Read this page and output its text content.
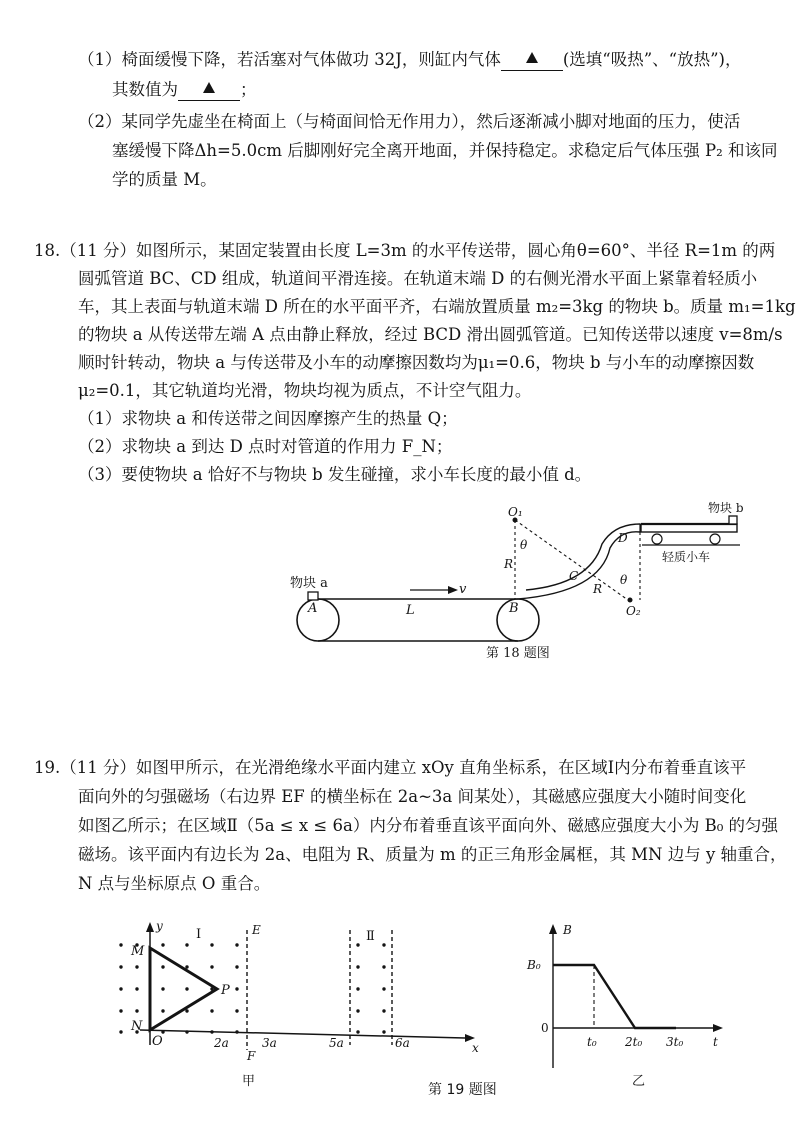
（1）椅面缓慢下降，若活塞对气体做功 32J，则缸内气体	(选填“吸热”、“放热”)，
其数值为	；
（2）某同学先虚坐在椅面上（与椅面间恰无作用力），然后逐渐减小脚对地面的压力，使活
塞缓慢下降Δh=5.0cm 后脚刚好完全离开地面，并保持稳定。求稳定后气体压强 P₂ 和该同
学的质量 M。
18.（11 分）如图所示，某固定装置由长度 L=3m 的水平传送带，圆心角θ=60°、半径 R=1m 的两
圆弧管道 BC、CD 组成，轨道间平滑连接。在轨道末端 D 的右侧光滑水平面上紧靠着轻质小
车，其上表面与轨道末端 D 所在的水平面平齐，右端放置质量 m₂=3kg 的物块 b。质量 m₁=1kg
的物块 a 从传送带左端 A 点由静止释放，经过 BCD 滑出圆弧管道。已知传送带以速度 v=8m/s
顺时针转动，物块 a 与传送带及小车的动摩擦因数均为μ₁=0.6，物块 b 与小车的动摩擦因数
μ₂=0.1，其它轨道均光滑，物块均视为质点，不计空气阻力。
（1）求物块 a 和传送带之间因摩擦产生的热量 Q；
（2）求物块 a 到达 D 点时对管道的作用力 F_N；
（3）要使物块 a 恰好不与物块 b 发生碰撞，求小车长度的最小值 d。
物块 a
A	L
v
B
O₁
θ
R
C
D
R
θ
O₂
物块 b
轻质小车
第 18 题图
19.（11 分）如图甲所示，在光滑绝缘水平面内建立 xOy 直角坐标系，在区域Ⅰ内分布着垂直该平
面向外的匀强磁场（右边界 EF 的横坐标在 2a~3a 间某处），其磁感应强度大小随时间变化
如图乙所示；在区域Ⅱ（5a ≤ x ≤ 6a）内分布着垂直该平面向外、磁感应强度大小为 B₀ 的匀强
磁场。该平面内有边长为 2a、电阻为 R、质量为 m 的正三角形金属框，其 MN 边与 y 轴重合，
N 点与坐标原点 O 重合。
y
Ⅰ	E	Ⅱ
M
P
N
O	2a
F
3a	5a	6a	x
甲
B
B₀
0
t₀ 2t₀ 3t₀ t
乙
第 19 题图
